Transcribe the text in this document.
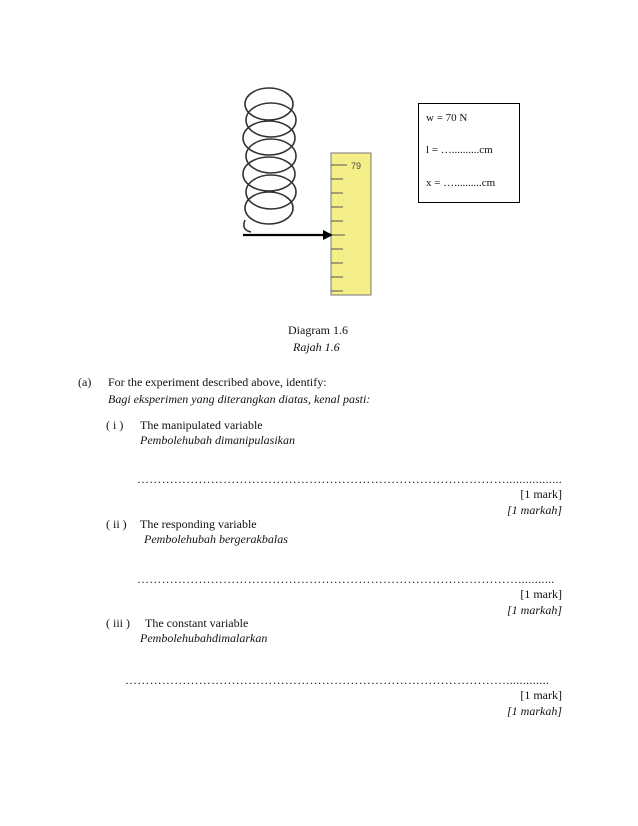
79
w = 70 N
l = …..........cm
x = …..........cm
Diagram 1.6
Rajah 1.6
(a) For the experiment described above, identify:
Bagi eksperimen yang diterangkan diatas, kenal pasti:
( i ) The manipulated variable
Pembolehubah dimanipulasikan
……………………………………………………………………………….................
[1 mark]
[1 markah]
( ii ) The responding variable
Pembolehubah bergerakbalas
…………………………………………………………………………………...........
[1 mark]
[1 markah]
( iii ) The constant variable
Pembolehubahdimalarkan
………………………………………………………………………………….............
[1 mark]
[1 markah]
